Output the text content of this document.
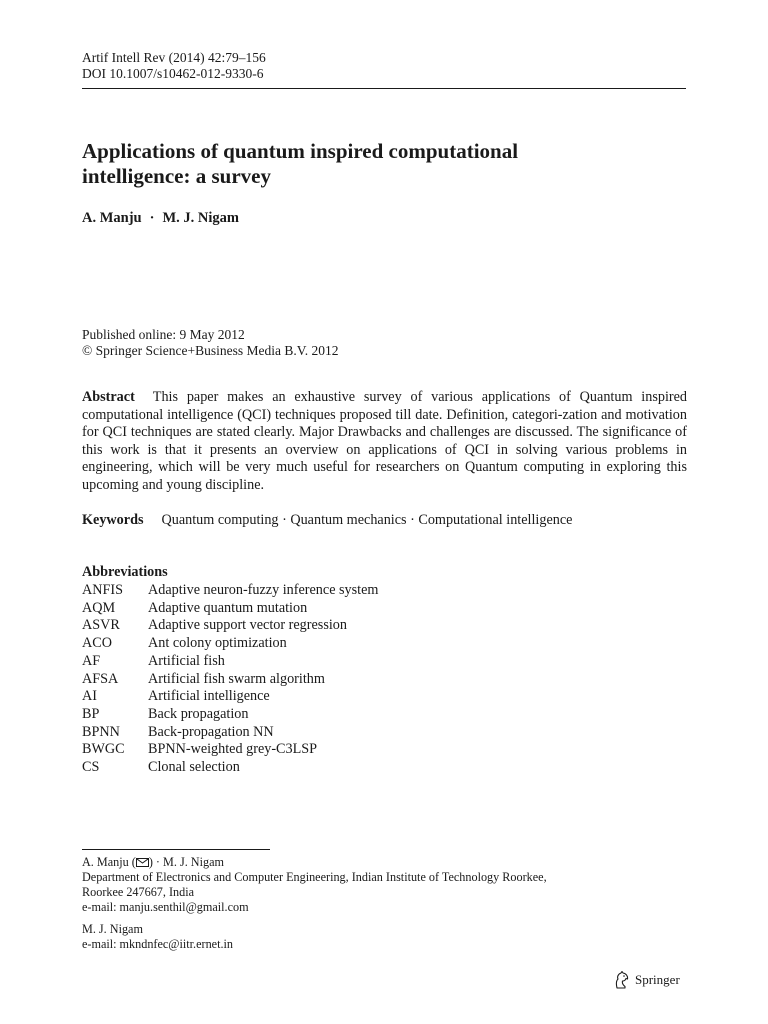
Artif Intell Rev (2014) 42:79–156
DOI 10.1007/s10462-012-9330-6
Applications of quantum inspired computational
intelligence: a survey
A. Manju · M. J. Nigam
Published online: 9 May 2012
© Springer Science+Business Media B.V. 2012
Abstract This paper makes an exhaustive survey of various applications of Quantum inspired computational intelligence (QCI) techniques proposed till date. Definition, categori-zation and motivation for QCI techniques are stated clearly. Major Drawbacks and challenges are discussed. The significance of this work is that it presents an overview on applications of QCI in solving various problems in engineering, which will be very much useful for researchers on Quantum computing in exploring this upcoming and young discipline.
Keywords Quantum computing · Quantum mechanics · Computational intelligence
Abbreviations
ANFIS	Adaptive neuron-fuzzy inference system
AQM	Adaptive quantum mutation
ASVR	Adaptive support vector regression
ACO	Ant colony optimization
AF	Artificial fish
AFSA	Artificial fish swarm algorithm
AI	Artificial intelligence
BP	Back propagation
BPNN	Back-propagation NN
BWGC	BPNN-weighted grey-C3LSP
CS	Clonal selection
A. Manju ( ) · M. J. Nigam
Department of Electronics and Computer Engineering, Indian Institute of Technology Roorkee,
Roorkee 247667, India
e-mail: manju.senthil@gmail.com
M. J. Nigam
e-mail: mkndnfec@iitr.ernet.in
Springer
